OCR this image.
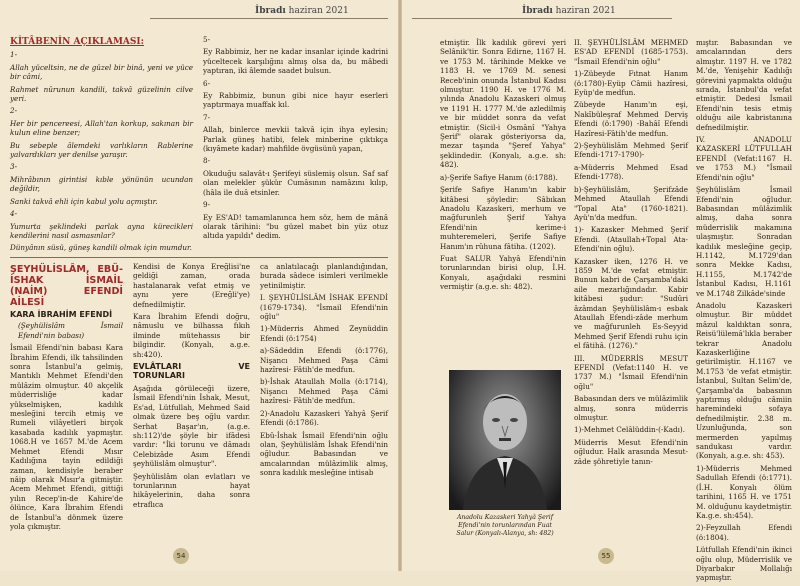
İbradı haziran 2021
KİTÂBENİN AÇIKLAMASI:

1-

Allah yüceltsin, ne de güzel bir binâ, yeni ve yüce bir câmi,

Rahmet nûrunun kandili, takvâ güzelinin cilve yeri.

2-

Her bir pencereesi, Allah'tan korkup, sakınan bir kulun eline benzer;

Bu sebeple âlemdeki varlıkların Rablerine yalvardıkları yer denilse yaraşır.

3-

Mihrâbının girintisi kıble yönünün ucundan değildir,

Sanki takvâ ehli için kabul yolu açmıştır.

4-

Yumurta şeklindeki parlak ayna kürecikleri kendilerini nasıl asmasınlar?

Dünyânın süsü, güneş kandili olmak için mumdur.

5-

Ey Rabbimiz, her ne kadar insanlar içinde kadrini yüceltecek karşılığını almış olsa da, bu mâbedi yaptıran, iki âlemde saadet bulsun.

6-

Ey Rabbimiz, bunun gibi nice hayır eserleri yaptırmaya muaffak kıl.

7-

Allah, binlerce mevkii takvâ için ihya eylesin; Parlak güneş hatibi, felek minberine çıktıkça (kıyâmete kadar) mahfilde övgüsünü yapan,

8-

Okuduğu salavât-ı Şerifeyi süslemiş olsun. Saf saf olan melekler şükür Cumâsının namâzını kılıp, (hâla ile duâ etsinler.

9-

Ey ES'AD! tamamlanınca hem söz, hem de mânâ olarak târihini: "bu güzel mabet bin yüz otuz altıda yapıldı" dedim.

ŞEYHÜLİSLÂM, EBÜ-İSHAK İSMAİL (NAİM) EFENDİ AİLESİ
KARA İBRAHİM EFENDİ
(Şeyhülislâm İsmail Efendi'nin babası)

İsmail Efendi'nin babası Kara İbrahim Efendi, ilk tahsilinden sonra İstanbul'a gelmiş, Mantıklı Mehmet Efendi'den mülâzim olmuştur. 40 akçelik müderrisliğe kadar yükselmişken, kadılık mesleğini tercih etmiş ve Rumeli vilâyetleri birçok kasabada kadılık yapmıştır. 1068.H ve 1657 M.'de Acem Mehmet Efendi Mısır Kadılığına tayin edildiği zaman, kendisiyle beraber nâip olarak Mısır'a gitmiştir. Acem Mehmet Efendi, gittiği yılın Recep'in-de Kahire'de ölünce, Kara İbrahim Efendi de İstanbul'a dönmek üzere yola çıkmıştır.

Kendisi de Konya Ereğlisi'ne geldiği zaman, orada hastalanarak vefat etmiş ve aynı yere (Ereğli'ye) defnedilmiştir.

Kara İbrahim Efendi doğru, nâmuslu ve bilhassa fıkıh ilminde mütehassıs bir bilgindir. (Konyalı, a.g.e. sh:420).

EVLÂTLARI VE TORUNLARI

Aşağıda görüleceği üzere, İsmail Efendi'nin İshak, Mesut, Es'ad, Lütfullah, Mehmed Said olmak üzere beş oğlu vardır. Serhat Başar'ın, (a.g.e. sh:112)'de şöyle bir ifâdesi vardır: "İki torunu ve dâmadı Celebizâde Asım Efendi şeyhülislâm olmuştur".

Şeyhülislâm olan evlatları ve torunlarının hayat hikâyelerinin, daha sonra etraflıca

ca anlatılacağı planlandığından, burada sâdece isimleri verilmekle yetinilmiştir.

I. ŞEYHÜLİSLÂM İSHAK EFENDİ (1679-1734). "İsmail Efendi'nin oğlu"

1)-Müderris Ahmed Zeynüddin Efendi (ö:1754)

a)-Sâdeddin Efendi (ö:1776), Nişancı Mehmed Paşa Câmi hazîresi- Fâtih'de medfun.

b)-İshak Ataullah Molla (ö:1714), Nişancı Mehmed Paşa Câmi hazîresi- Fâtih'de medfun.

2)-Anadolu Kazaskeri Yahyâ Şerif Efendi (ö:1786).

Ebû-İshak İsmail Efendi'nin oğlu olan, Şeyhülislâm İshak Efendi'nin oğludur. Babasından ve amcalarından mülâzimlik almış, sonra kadılık mesleğine intisab

54
İbradı haziran 2021

etmiştir. İlk kadılık görevi yeri Selânik'tir. Sonra Edirne, 1167 H. ve 1753 M. târihinde Mekke ve 1183 H. ve 1769 M. senesi Receb'inin onunda İstanbul Kadısı olmuştur. 1190 H. ve 1776 M. yılında Anadolu Kazaskeri olmuş ve 1191 H. 1777 M.'de azledilmiş ve bir müddet sonra da vefat etmiştir. (Sicil-i Osmânî "Yahya Şerif" olarak gösteriyorsa da, mezar taşında "Şeref Yahya" şeklindedir. (Konyalı, a.g.e. sh: 482).

a)-Şerife Safiye Hanım (ö:1788).

Şerife Safiye Hanım'ın kabir kitâbesi şöyledir: Sâbıkan Anadolu Kazaskeri, merhum ve mağfurunleh Şerif Yahya Efendi'nin kerime-i muhteremeleri, Şerife Safiye Hanım'ın rûhuna fâtiha. (1202).

Fuat SALUR Yahyâ Efendi'nin torunlarından birisi olup, İ.H. Konyalı, aşağıdaki resmini vermiştir (a.g.e. sh: 482).

Anadolu Kazaskeri Yahyâ Şerif Efendi'nin torunlarından Fuat Salur (Konyalı-Alanya, sh: 482)

II. ŞEYHÜLİSLÂM MEHMED ES'AD EFENDİ (1685-1753). "İsmail Efendi'nin oğlu"

1)-Zübeyde Fıtnat Hanım (ö:1780)-Eyüp Câmii hazîresi, Eyüp'de medfun.

Zübeyde Hanım'ın eşi, Nakîbüleşraf Mehmed Derviş Efendi (ö:1790) -Bahâî Efendi Hazîresi-Fâtih'de medfun.

2)-Şeyhülislâm Mehmed Şerif Efendi-1717-1790)-

a-Müderris Mehmed Esad Efendi-1778).

b)-Şeyhülislâm, Şerifzâde Mehmed Ataullah Efendi "Topal Ata" (1760-1821). Ayü'n'da medfun.

1)- Kazasker Mehmed Şerif Efendi. (Ataullah+Topal Ata- Efendi'nin oğlu).

Kazasker iken, 1276 H. ve 1859 M.'de vefat etmiştir. Bunun kabri de Çarşamba'daki aile mezarlığındadır. Kabir kitâbesi şudur: "Sudûri âzâmdan Şeyhülislâm-ı esbak Ataullah Efendi-zâde merhum ve mağfurunleh Es-Seyyid Mehmed Şerif Efendi ruhu için el fâtihâ. (1276)."

III. MÜDERRİS MESUT EFENDİ (Vefat:1140 H. ve 1737 M.) "İsmail Efendi'nin oğlu"

Babasından ders ve mülâzimlik almış, sonra müderris olmuştur.

1)-Mehmet Celâlüddin-(-Kadı).

Müderris Mesut Efendi'nin oğludur. Halk arasında Mesut-zâde şöhretiyle tanın-

mıştır. Babasından ve amcalarından ders almıştır. 1197 H. ve 1782 M.'de, Yenişehir Kadılığı görevini yapmakta olduğu sırada, İstanbul'da vefat etmiştir. Dedesi İsmail Efendi'nin tesis etmiş olduğu aile kabristanına defnedilmiştir.

IV. ANADOLU KAZASKERİ LÜTFULLAH EFENDİ (Vefat:1167 H. ve 1753 M.) "İsmail Efendi'nin oğlu"

Şeyhülislâm İsmail Efendi'nin oğludur. Babasından mülâzimlik almış, daha sonra müderrislik makamına ulaşmıştır. Sonradan kadılık mesleğine geçip, H.1142, M.1729'dan sonra Mekke Kadısı, H.1155, M.1742'de İstanbul Kadısı, H.1161 ve M.1748 Zilkâde'sinde

Anadolu Kazaskeri olmuştur. Bir müddet mâzul kaldıktan sonra, Reisü'lülemâ'lıkla beraber tekrar Anadolu Kazaskerliğine getirilmiştir. H.1167 ve M.1753 'de vefat etmiştir. İstanbul, Sultan Selim'de, Çarşamba'da babasının yaptırmış olduğu câmiin haremindeki sofaya defnedilmiştir. 2.38 m. Uzunluğunda, son mermerden yapılmış sandukası vardır. (Konyalı, a.g.e. sh: 453).

1)-Müderris Mehmed Sadullah Efendi (ö:1771).(İ.H. Konyalı ölüm tarihini, 1165 H. ve 1751 M. olduğunu kaydetmiştir. Ka.g.e. sh:454).

2)-Feyzullah Efendi (ö:1804).

Lütfullah Efendi'nin ikinci oğlu olup, Müderrislik ve Diyarbakır Mollalığı yapmıştır.

55
